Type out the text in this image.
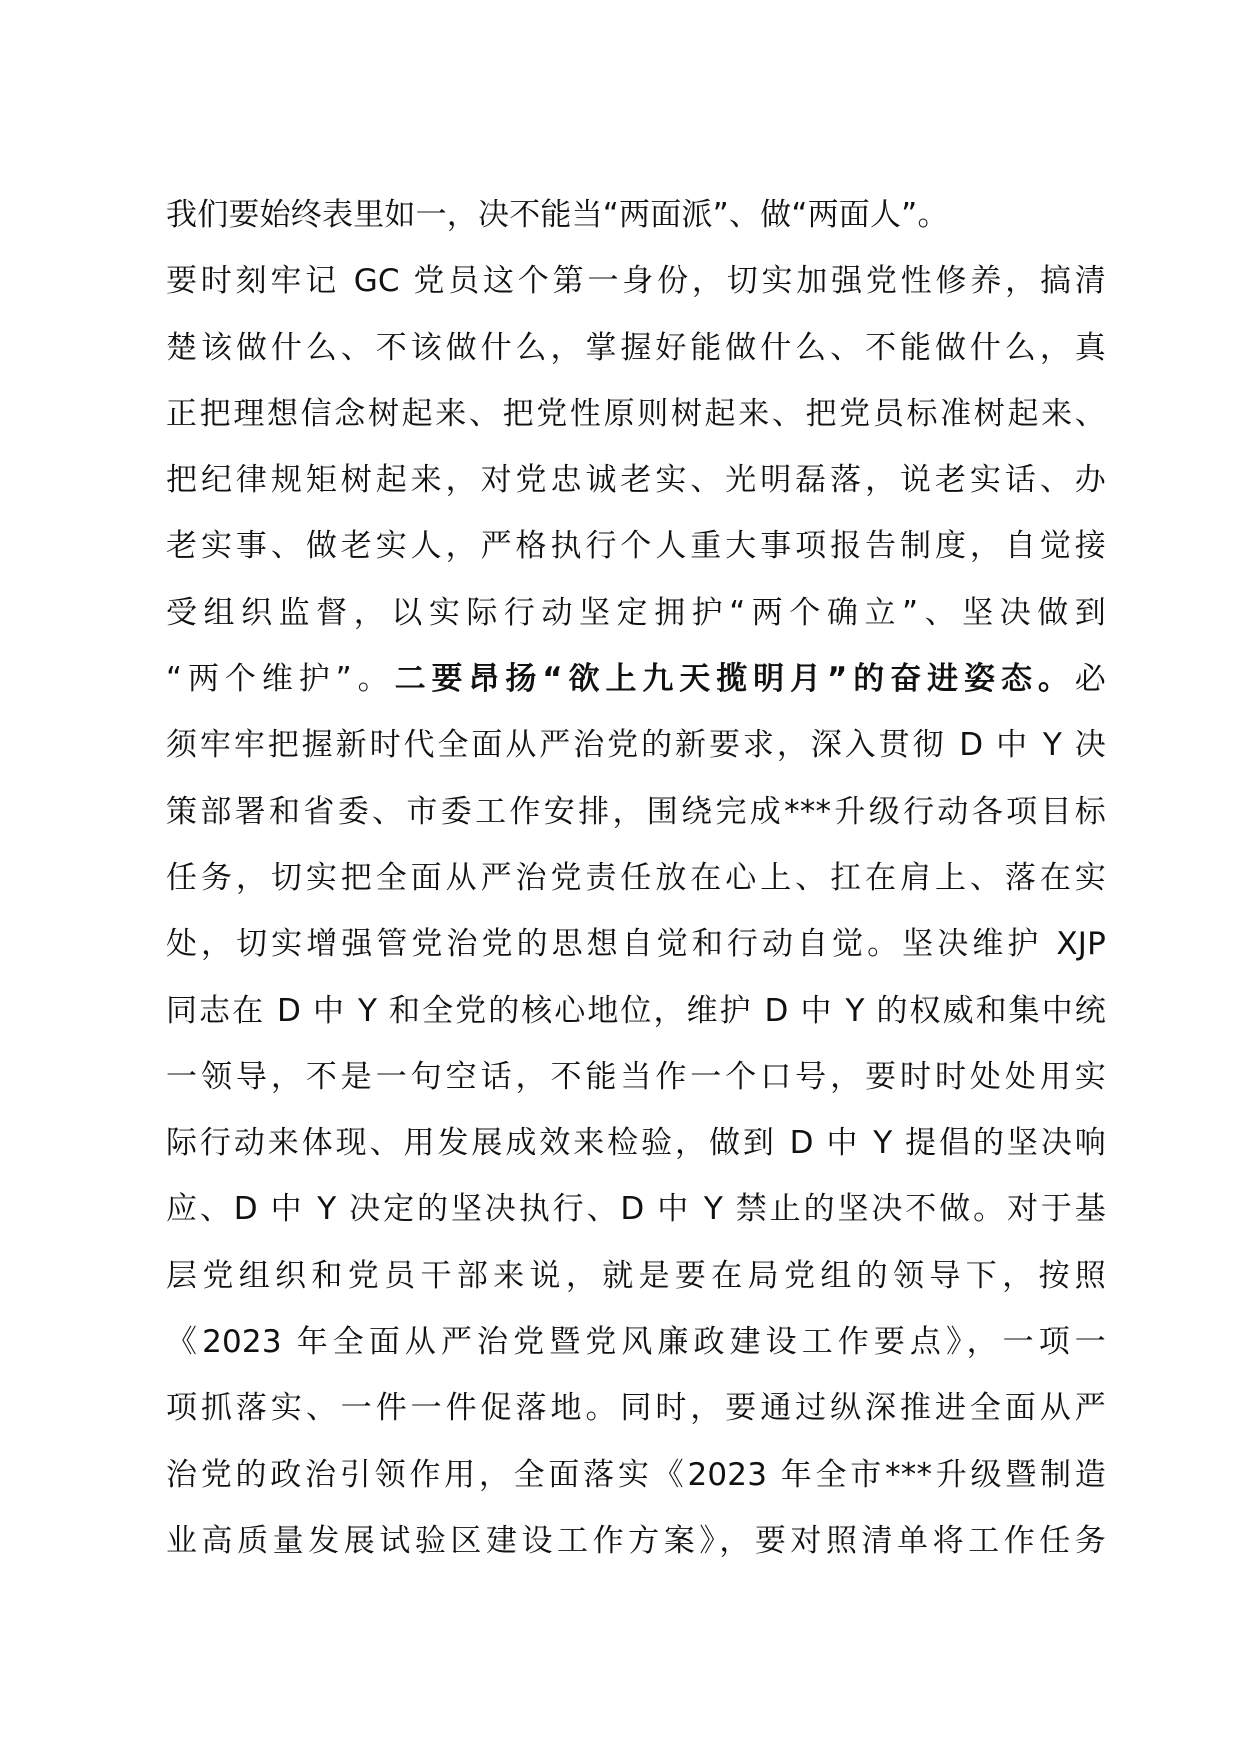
我们要始终表里如一，决不能当“两面派”、做“两面人”。
要时刻牢记 GC 党员这个第一身份，切实加强党性修养，搞清
楚该做什么、不该做什么，掌握好能做什么、不能做什么，真
正把理想信念树起来、把党性原则树起来、把党员标准树起来、
把纪律规矩树起来，对党忠诚老实、光明磊落，说老实话、办
老实事、做老实人，严格执行个人重大事项报告制度，自觉接
受组织监督，以实际行动坚定拥护“两个确立”、坚决做到
“两个维护”。二要昂扬“欲上九天揽明月”的奋进姿态。必
须牢牢把握新时代全面从严治党的新要求，深入贯彻 D 中 Y 决
策部署和省委、市委工作安排，围绕完成***升级行动各项目标
任务，切实把全面从严治党责任放在心上、扛在肩上、落在实
处，切实增强管党治党的思想自觉和行动自觉。坚决维护 XJP
同志在 D 中 Y 和全党的核心地位，维护 D 中 Y 的权威和集中统
一领导，不是一句空话，不能当作一个口号，要时时处处用实
际行动来体现、用发展成效来检验，做到 D 中 Y 提倡的坚决响
应、D 中 Y 决定的坚决执行、D 中 Y 禁止的坚决不做。对于基
层党组织和党员干部来说，就是要在局党组的领导下，按照
《2023 年全面从严治党暨党风廉政建设工作要点》，一项一
项抓落实、一件一件促落地。同时，要通过纵深推进全面从严
治党的政治引领作用，全面落实《2023 年全市***升级暨制造
业高质量发展试验区建设工作方案》，要对照清单将工作任务
